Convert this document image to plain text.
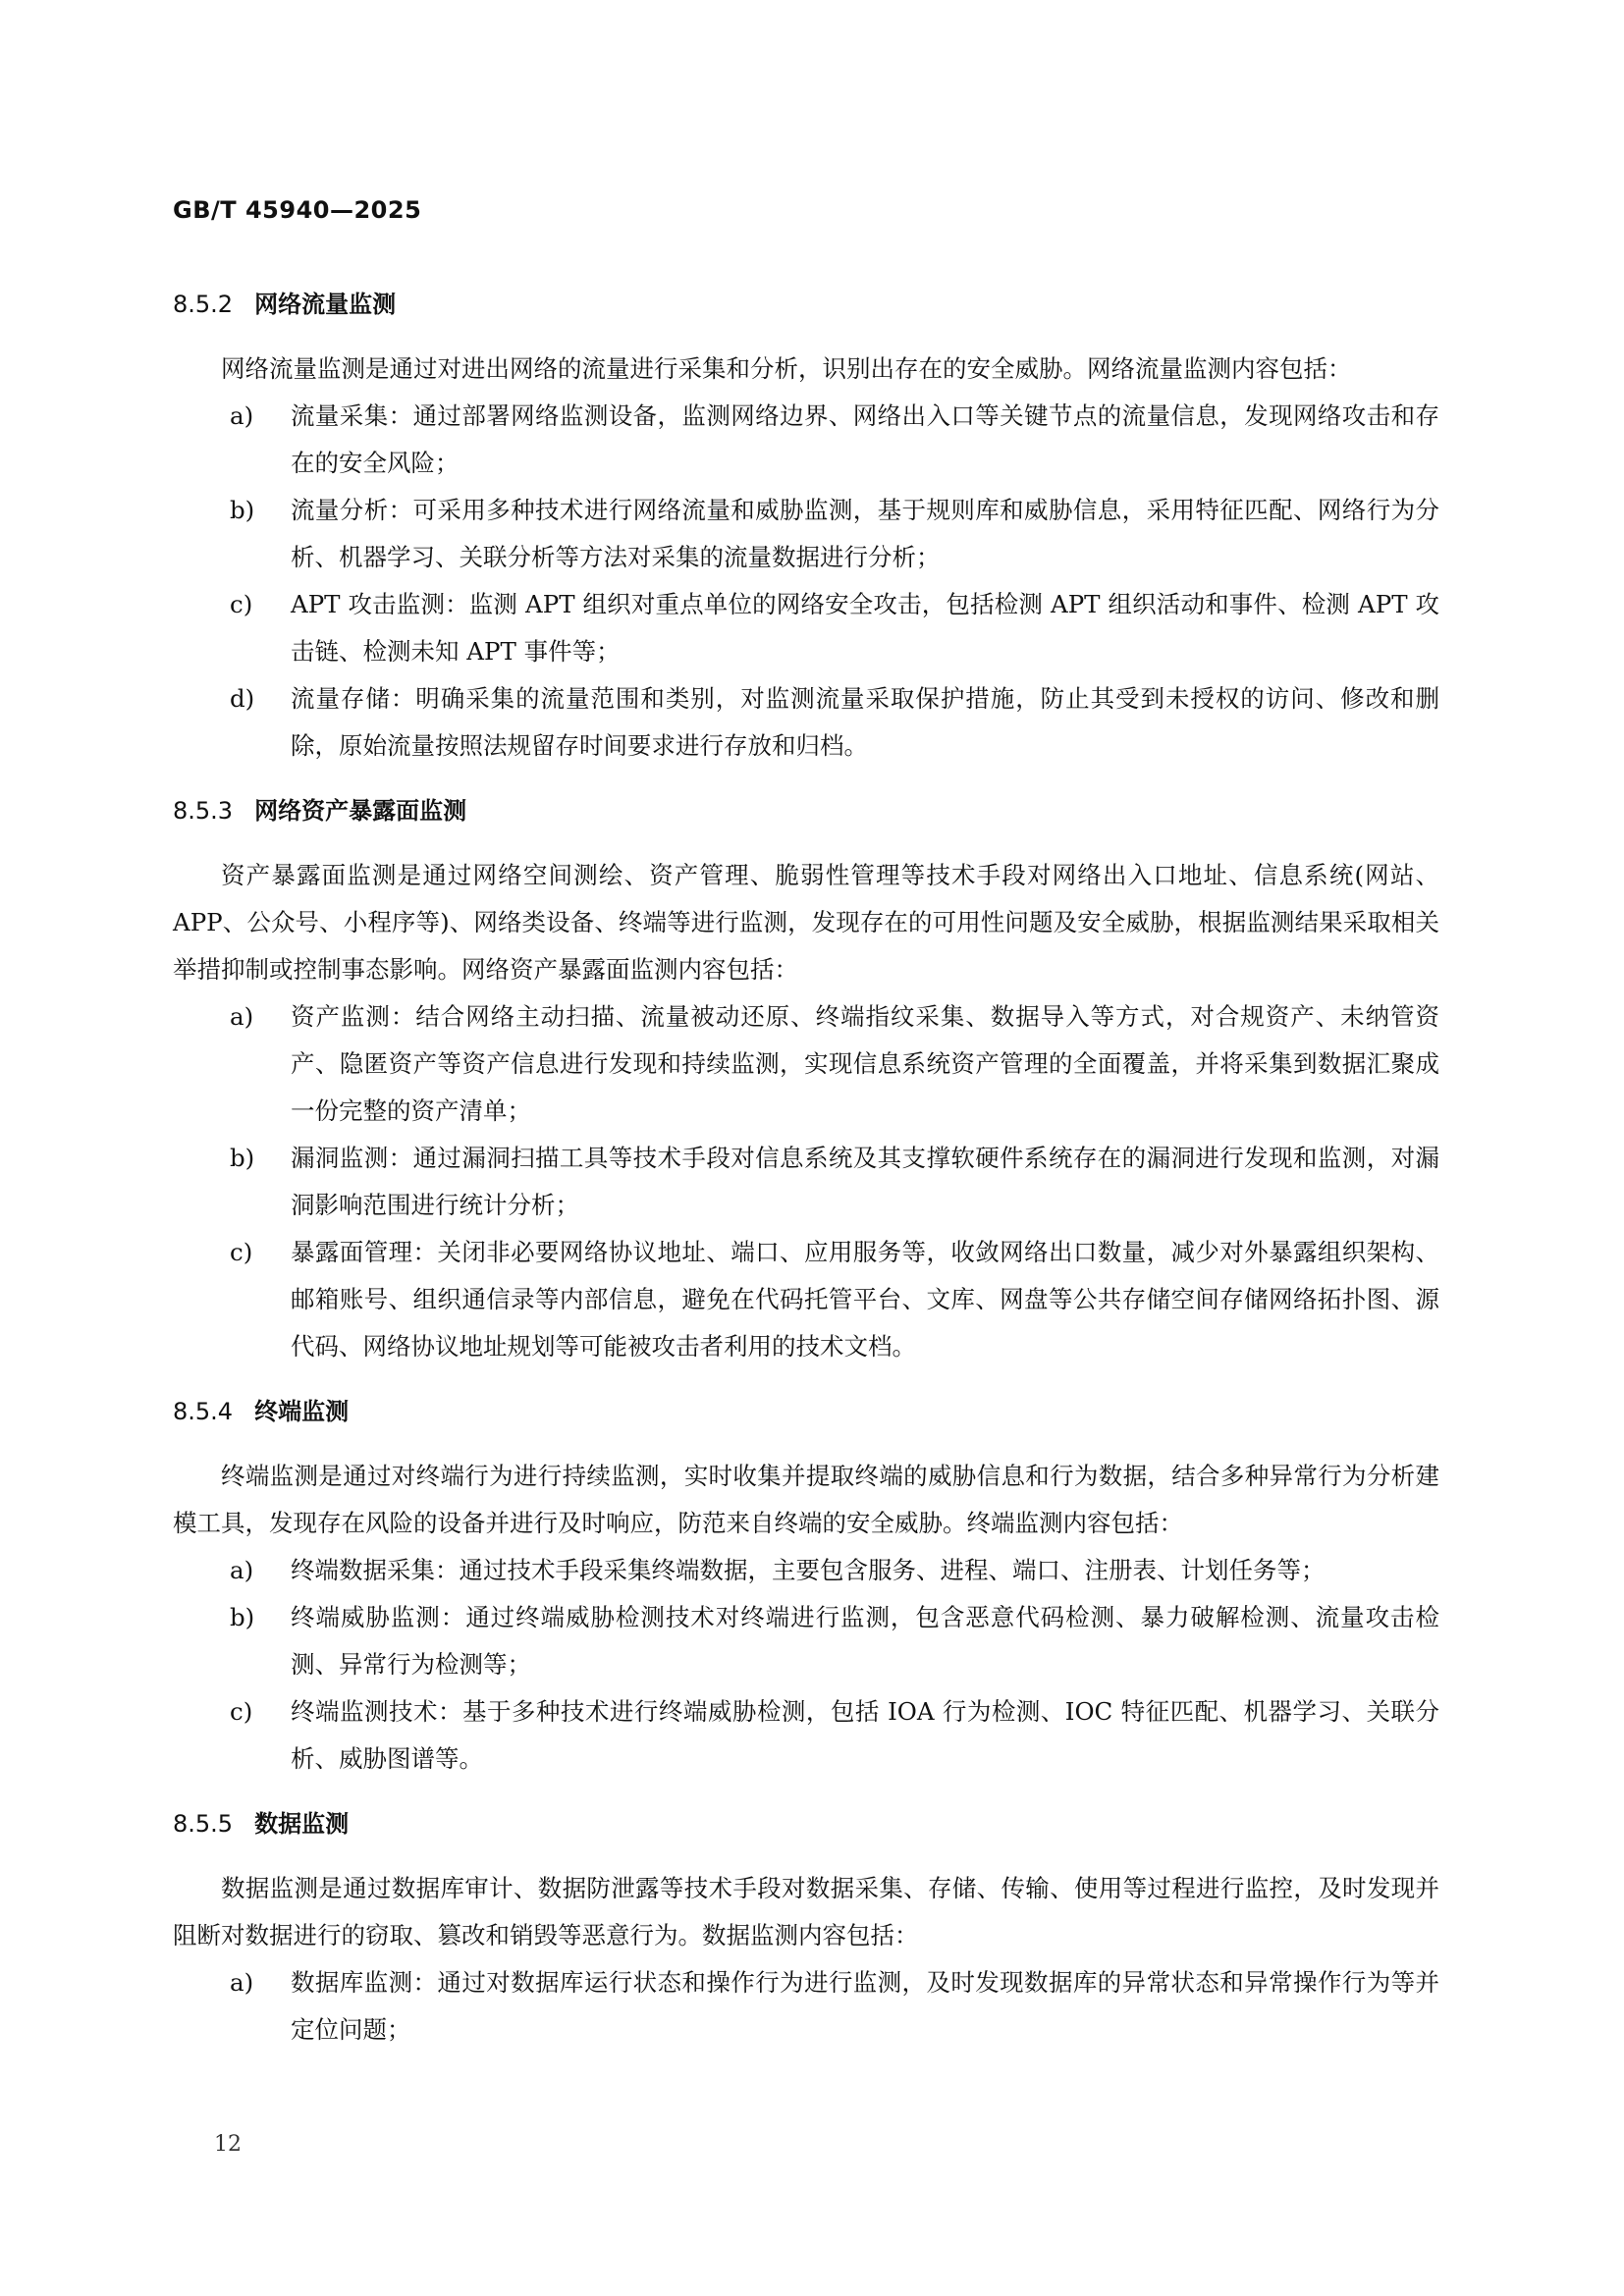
GB/T 45940—2025
8.5.2 网络流量监测

网络流量监测是通过对进出网络的流量进行采集和分析，识别出存在的安全威胁。网络流量监测内容包括：

a) 流量采集：通过部署网络监测设备，监测网络边界、网络出入口等关键节点的流量信息，发现网络攻击和存在的安全风险；
b) 流量分析：可采用多种技术进行网络流量和威胁监测，基于规则库和威胁信息，采用特征匹配、网络行为分析、机器学习、关联分析等方法对采集的流量数据进行分析；
c) APT 攻击监测：监测 APT 组织对重点单位的网络安全攻击，包括检测 APT 组织活动和事件、检测 APT 攻击链、检测未知 APT 事件等；
d) 流量存储：明确采集的流量范围和类别，对监测流量采取保护措施，防止其受到未授权的访问、修改和删除，原始流量按照法规留存时间要求进行存放和归档。
8.5.3 网络资产暴露面监测

资产暴露面监测是通过网络空间测绘、资产管理、脆弱性管理等技术手段对网络出入口地址、信息系统(网站、APP、公众号、小程序等)、网络类设备、终端等进行监测，发现存在的可用性问题及安全威胁，根据监测结果采取相关举措抑制或控制事态影响。网络资产暴露面监测内容包括：

a) 资产监测：结合网络主动扫描、流量被动还原、终端指纹采集、数据导入等方式，对合规资产、未纳管资产、隐匿资产等资产信息进行发现和持续监测，实现信息系统资产管理的全面覆盖，并将采集到数据汇聚成一份完整的资产清单；
b) 漏洞监测：通过漏洞扫描工具等技术手段对信息系统及其支撑软硬件系统存在的漏洞进行发现和监测，对漏洞影响范围进行统计分析；
c) 暴露面管理：关闭非必要网络协议地址、端口、应用服务等，收敛网络出口数量，减少对外暴露组织架构、邮箱账号、组织通信录等内部信息，避免在代码托管平台、文库、网盘等公共存储空间存储网络拓扑图、源代码、网络协议地址规划等可能被攻击者利用的技术文档。
8.5.4 终端监测

终端监测是通过对终端行为进行持续监测，实时收集并提取终端的威胁信息和行为数据，结合多种异常行为分析建模工具，发现存在风险的设备并进行及时响应，防范来自终端的安全威胁。终端监测内容包括：

a) 终端数据采集：通过技术手段采集终端数据，主要包含服务、进程、端口、注册表、计划任务等；
b) 终端威胁监测：通过终端威胁检测技术对终端进行监测，包含恶意代码检测、暴力破解检测、流量攻击检测、异常行为检测等；
c) 终端监测技术：基于多种技术进行终端威胁检测，包括 IOA 行为检测、IOC 特征匹配、机器学习、关联分析、威胁图谱等。
8.5.5 数据监测

数据监测是通过数据库审计、数据防泄露等技术手段对数据采集、存储、传输、使用等过程进行监控，及时发现并阻断对数据进行的窃取、篡改和销毁等恶意行为。数据监测内容包括：

a) 数据库监测：通过对数据库运行状态和操作行为进行监测，及时发现数据库的异常状态和异常操作行为等并定位问题；
12
